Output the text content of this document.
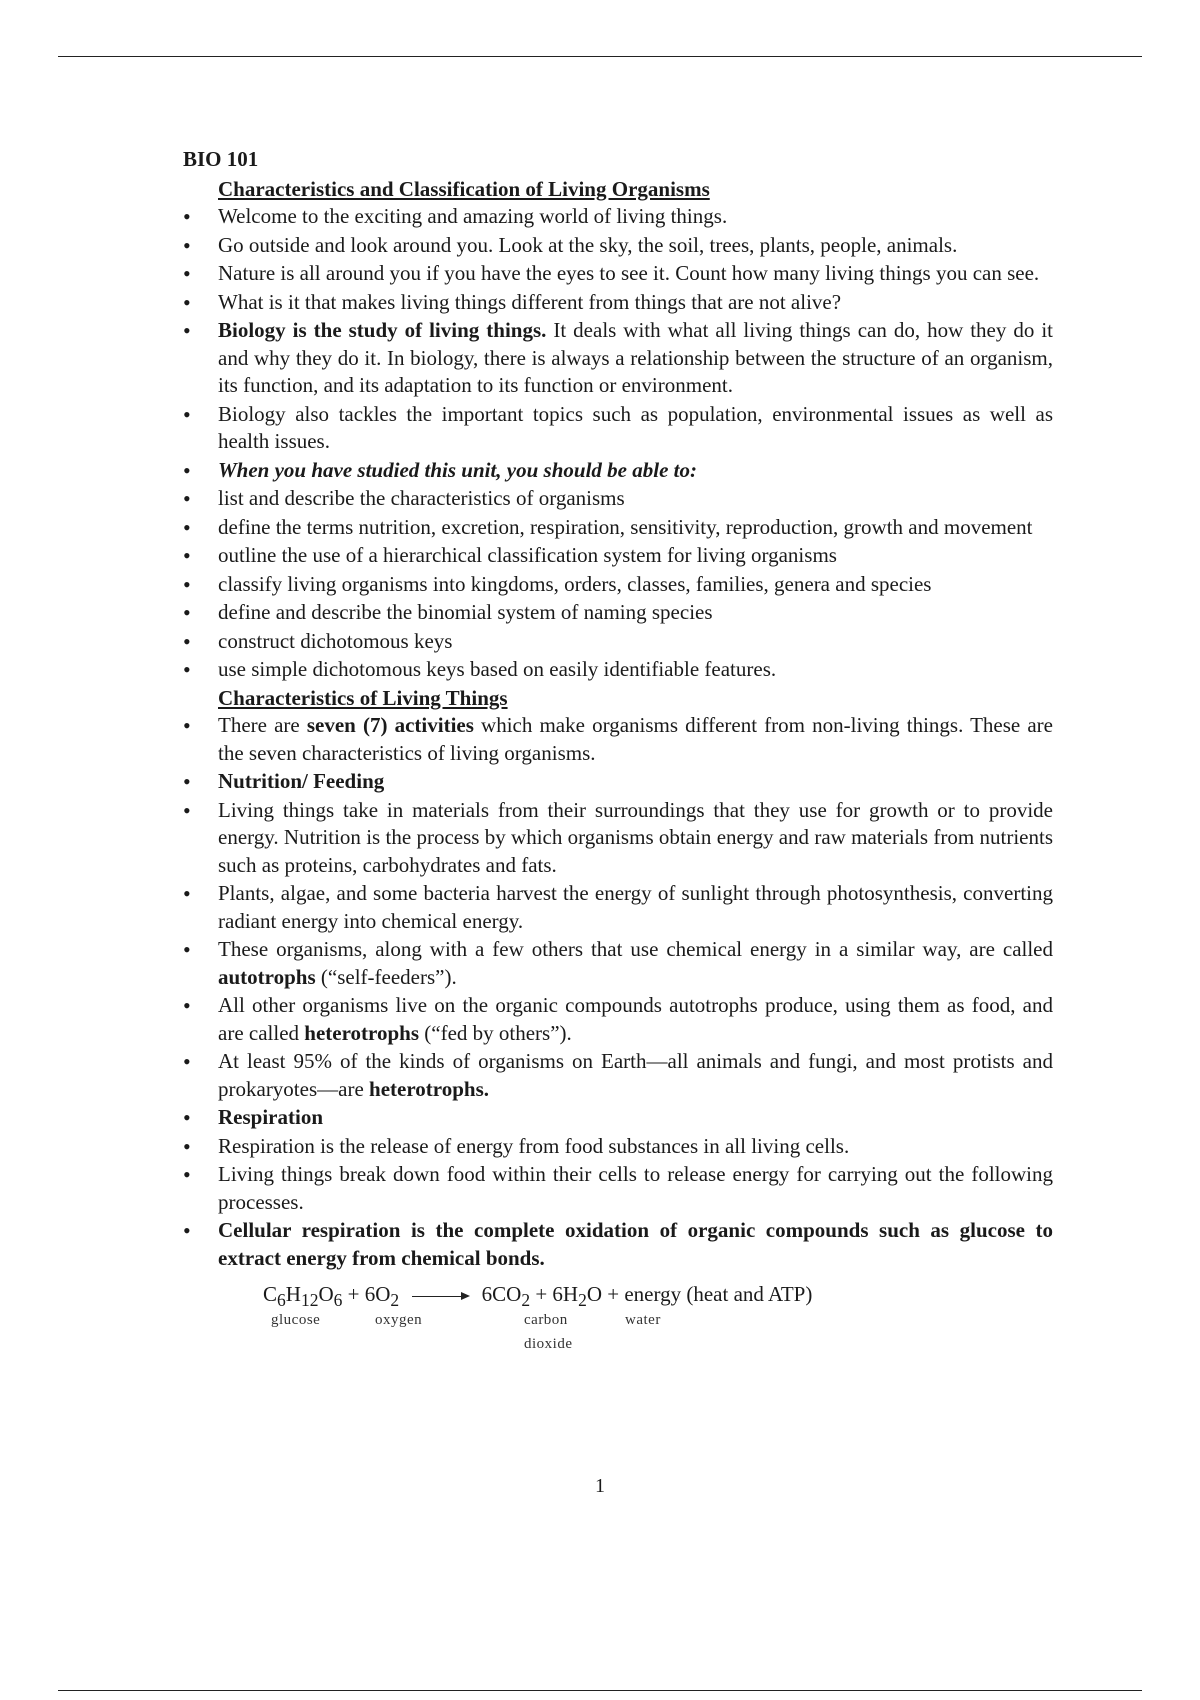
BIO 101
Characteristics and Classification of Living Organisms
• Welcome to the exciting and amazing world of living things.
• Go outside and look around you. Look at the sky, the soil, trees, plants, people, animals.
• Nature is all around you if you have the eyes to see it. Count how many living things you can see.
• What is it that makes living things different from things that are not alive?
• Biology is the study of living things. It deals with what all living things can do, how they do it and why they do it. In biology, there is always a relationship between the structure of an organism, its function, and its adaptation to its function or environment.
• Biology also tackles the important topics such as population, environmental issues as well as health issues.
• When you have studied this unit, you should be able to:
• list and describe the characteristics of organisms
• define the terms nutrition, excretion, respiration, sensitivity, reproduction, growth and movement
• outline the use of a hierarchical classification system for living organisms
• classify living organisms into kingdoms, orders, classes, families, genera and species
• define and describe the binomial system of naming species
• construct dichotomous keys
• use simple dichotomous keys based on easily identifiable features.
Characteristics of Living Things
• There are seven (7) activities which make organisms different from non-living things. These are the seven characteristics of living organisms.
• Nutrition/ Feeding
• Living things take in materials from their surroundings that they use for growth or to provide energy. Nutrition is the process by which organisms obtain energy and raw materials from nutrients such as proteins, carbohydrates and fats.
• Plants, algae, and some bacteria harvest the energy of sunlight through photosynthesis, converting radiant energy into chemical energy.
• These organisms, along with a few others that use chemical energy in a similar way, are called autotrophs (“self-feeders”).
• All other organisms live on the organic compounds autotrophs produce, using them as food, and are called heterotrophs (“fed by others”).
• At least 95% of the kinds of organisms on Earth—all animals and fungi, and most protists and prokaryotes—are heterotrophs.
• Respiration
• Respiration is the release of energy from food substances in all living cells.
• Living things break down food within their cells to release energy for carrying out the following processes.
• Cellular respiration is the complete oxidation of organic compounds such as glucose to extract energy from chemical bonds.
$C_6H_{12}O_6 + 6O_2 \to 6CO_2 + 6H_2O$ + energy (heat and ATP)
glucose	oxygen	carbon
dioxide
water
1
